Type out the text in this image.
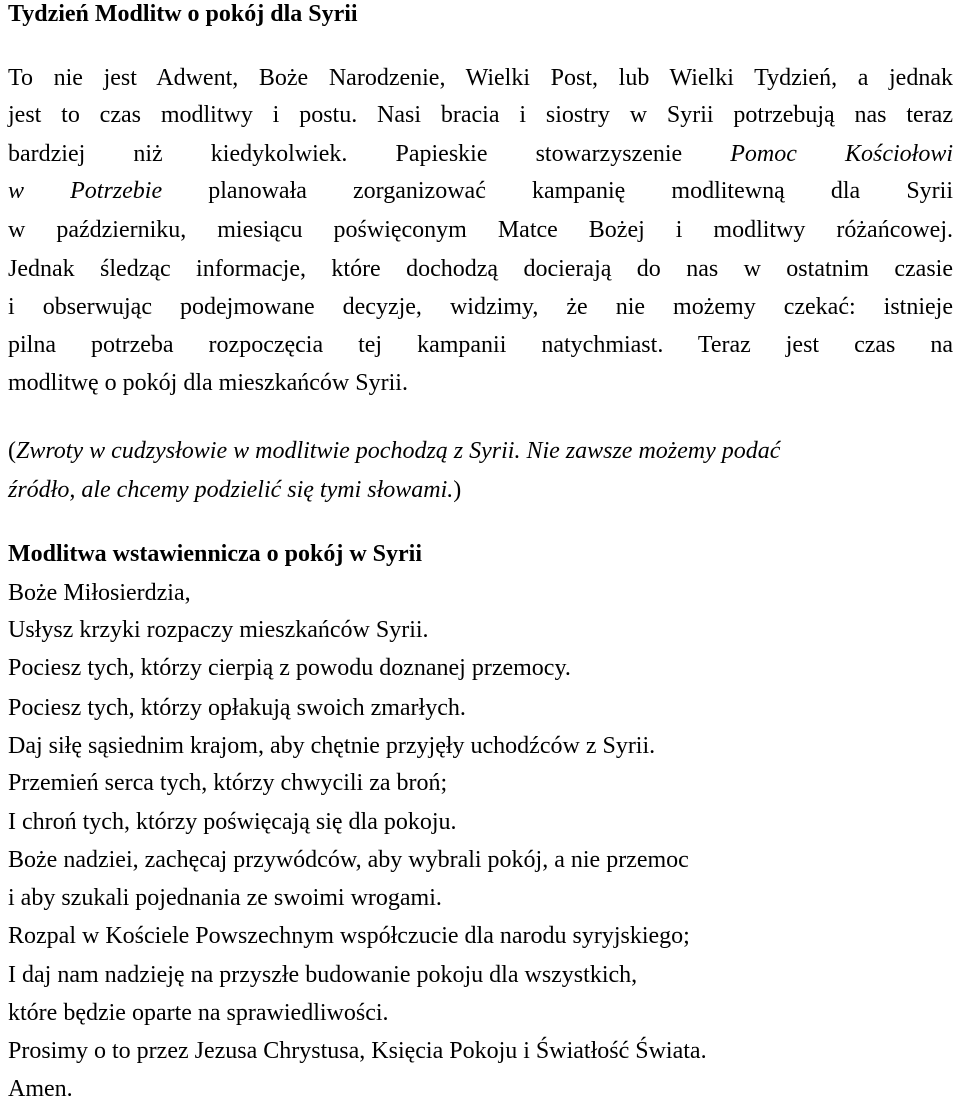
Tydzień Modlitw o pokój dla Syrii
To nie jest Adwent, Boże Narodzenie, Wielki Post, lub Wielki Tydzień, a jednak
jest to czas modlitwy i postu. Nasi bracia i siostry w Syrii potrzebują nas teraz
bardziej niż kiedykolwiek. Papieskie stowarzyszenie Pomoc Kościołowi
w Potrzebie planowała zorganizować kampanię modlitewną dla Syrii
w październiku, miesiącu poświęconym Matce Bożej i modlitwy różańcowej.
Jednak śledząc informacje, które dochodzą docierają do nas w ostatnim czasie
i obserwując podejmowane decyzje, widzimy, że nie możemy czekać: istnieje
pilna potrzeba rozpoczęcia tej kampanii natychmiast. Teraz jest czas na
modlitwę o pokój dla mieszkańców Syrii.
(Zwroty w cudzysłowie w modlitwie pochodzą z Syrii. Nie zawsze możemy podać
źródło, ale chcemy podzielić się tymi słowami.)
Modlitwa wstawiennicza o pokój w Syrii
Boże Miłosierdzia,
Usłysz krzyki rozpaczy mieszkańców Syrii.
Pociesz tych, którzy cierpią z powodu doznanej przemocy.
Pociesz tych, którzy opłakują swoich zmarłych.
Daj siłę sąsiednim krajom, aby chętnie przyjęły uchodźców z Syrii.
Przemień serca tych, którzy chwycili za broń;
I chroń tych, którzy poświęcają się dla pokoju.
Boże nadziei, zachęcaj przywódców, aby wybrali pokój, a nie przemoc
i aby szukali pojednania ze swoimi wrogami.
Rozpal w Kościele Powszechnym współczucie dla narodu syryjskiego;
I daj nam nadzieję na przyszłe budowanie pokoju dla wszystkich,
które będzie oparte na sprawiedliwości.
Prosimy o to przez Jezusa Chrystusa, Księcia Pokoju i Światłość Świata.
Amen.
